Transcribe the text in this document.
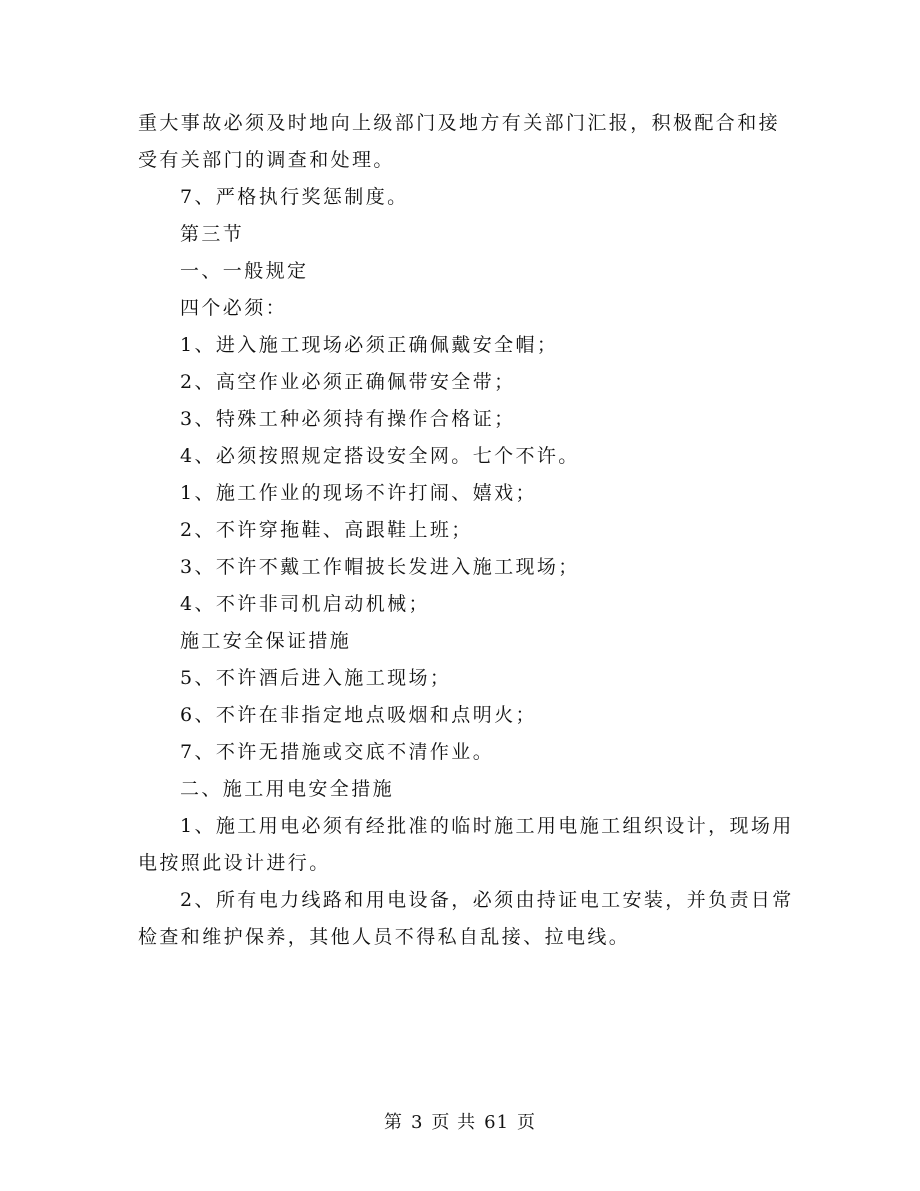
重大事故必须及时地向上级部门及地方有关部门汇报，积极配合和接
受有关部门的调查和处理。
7、严格执行奖惩制度。
第三节
一、一般规定
四个必须：
1、进入施工现场必须正确佩戴安全帽；
2、高空作业必须正确佩带安全带；
3、特殊工种必须持有操作合格证；
4、必须按照规定搭设安全网。七个不许。
1、施工作业的现场不许打闹、嬉戏；
2、不许穿拖鞋、高跟鞋上班；
3、不许不戴工作帽披长发进入施工现场；
4、不许非司机启动机械；
施工安全保证措施
5、不许酒后进入施工现场；
6、不许在非指定地点吸烟和点明火；
7、不许无措施或交底不清作业。
二、施工用电安全措施
1、施工用电必须有经批准的临时施工用电施工组织设计，现场用
电按照此设计进行。
2、所有电力线路和用电设备，必须由持证电工安装，并负责日常
检查和维护保养，其他人员不得私自乱接、拉电线。
第 3 页 共 61 页
